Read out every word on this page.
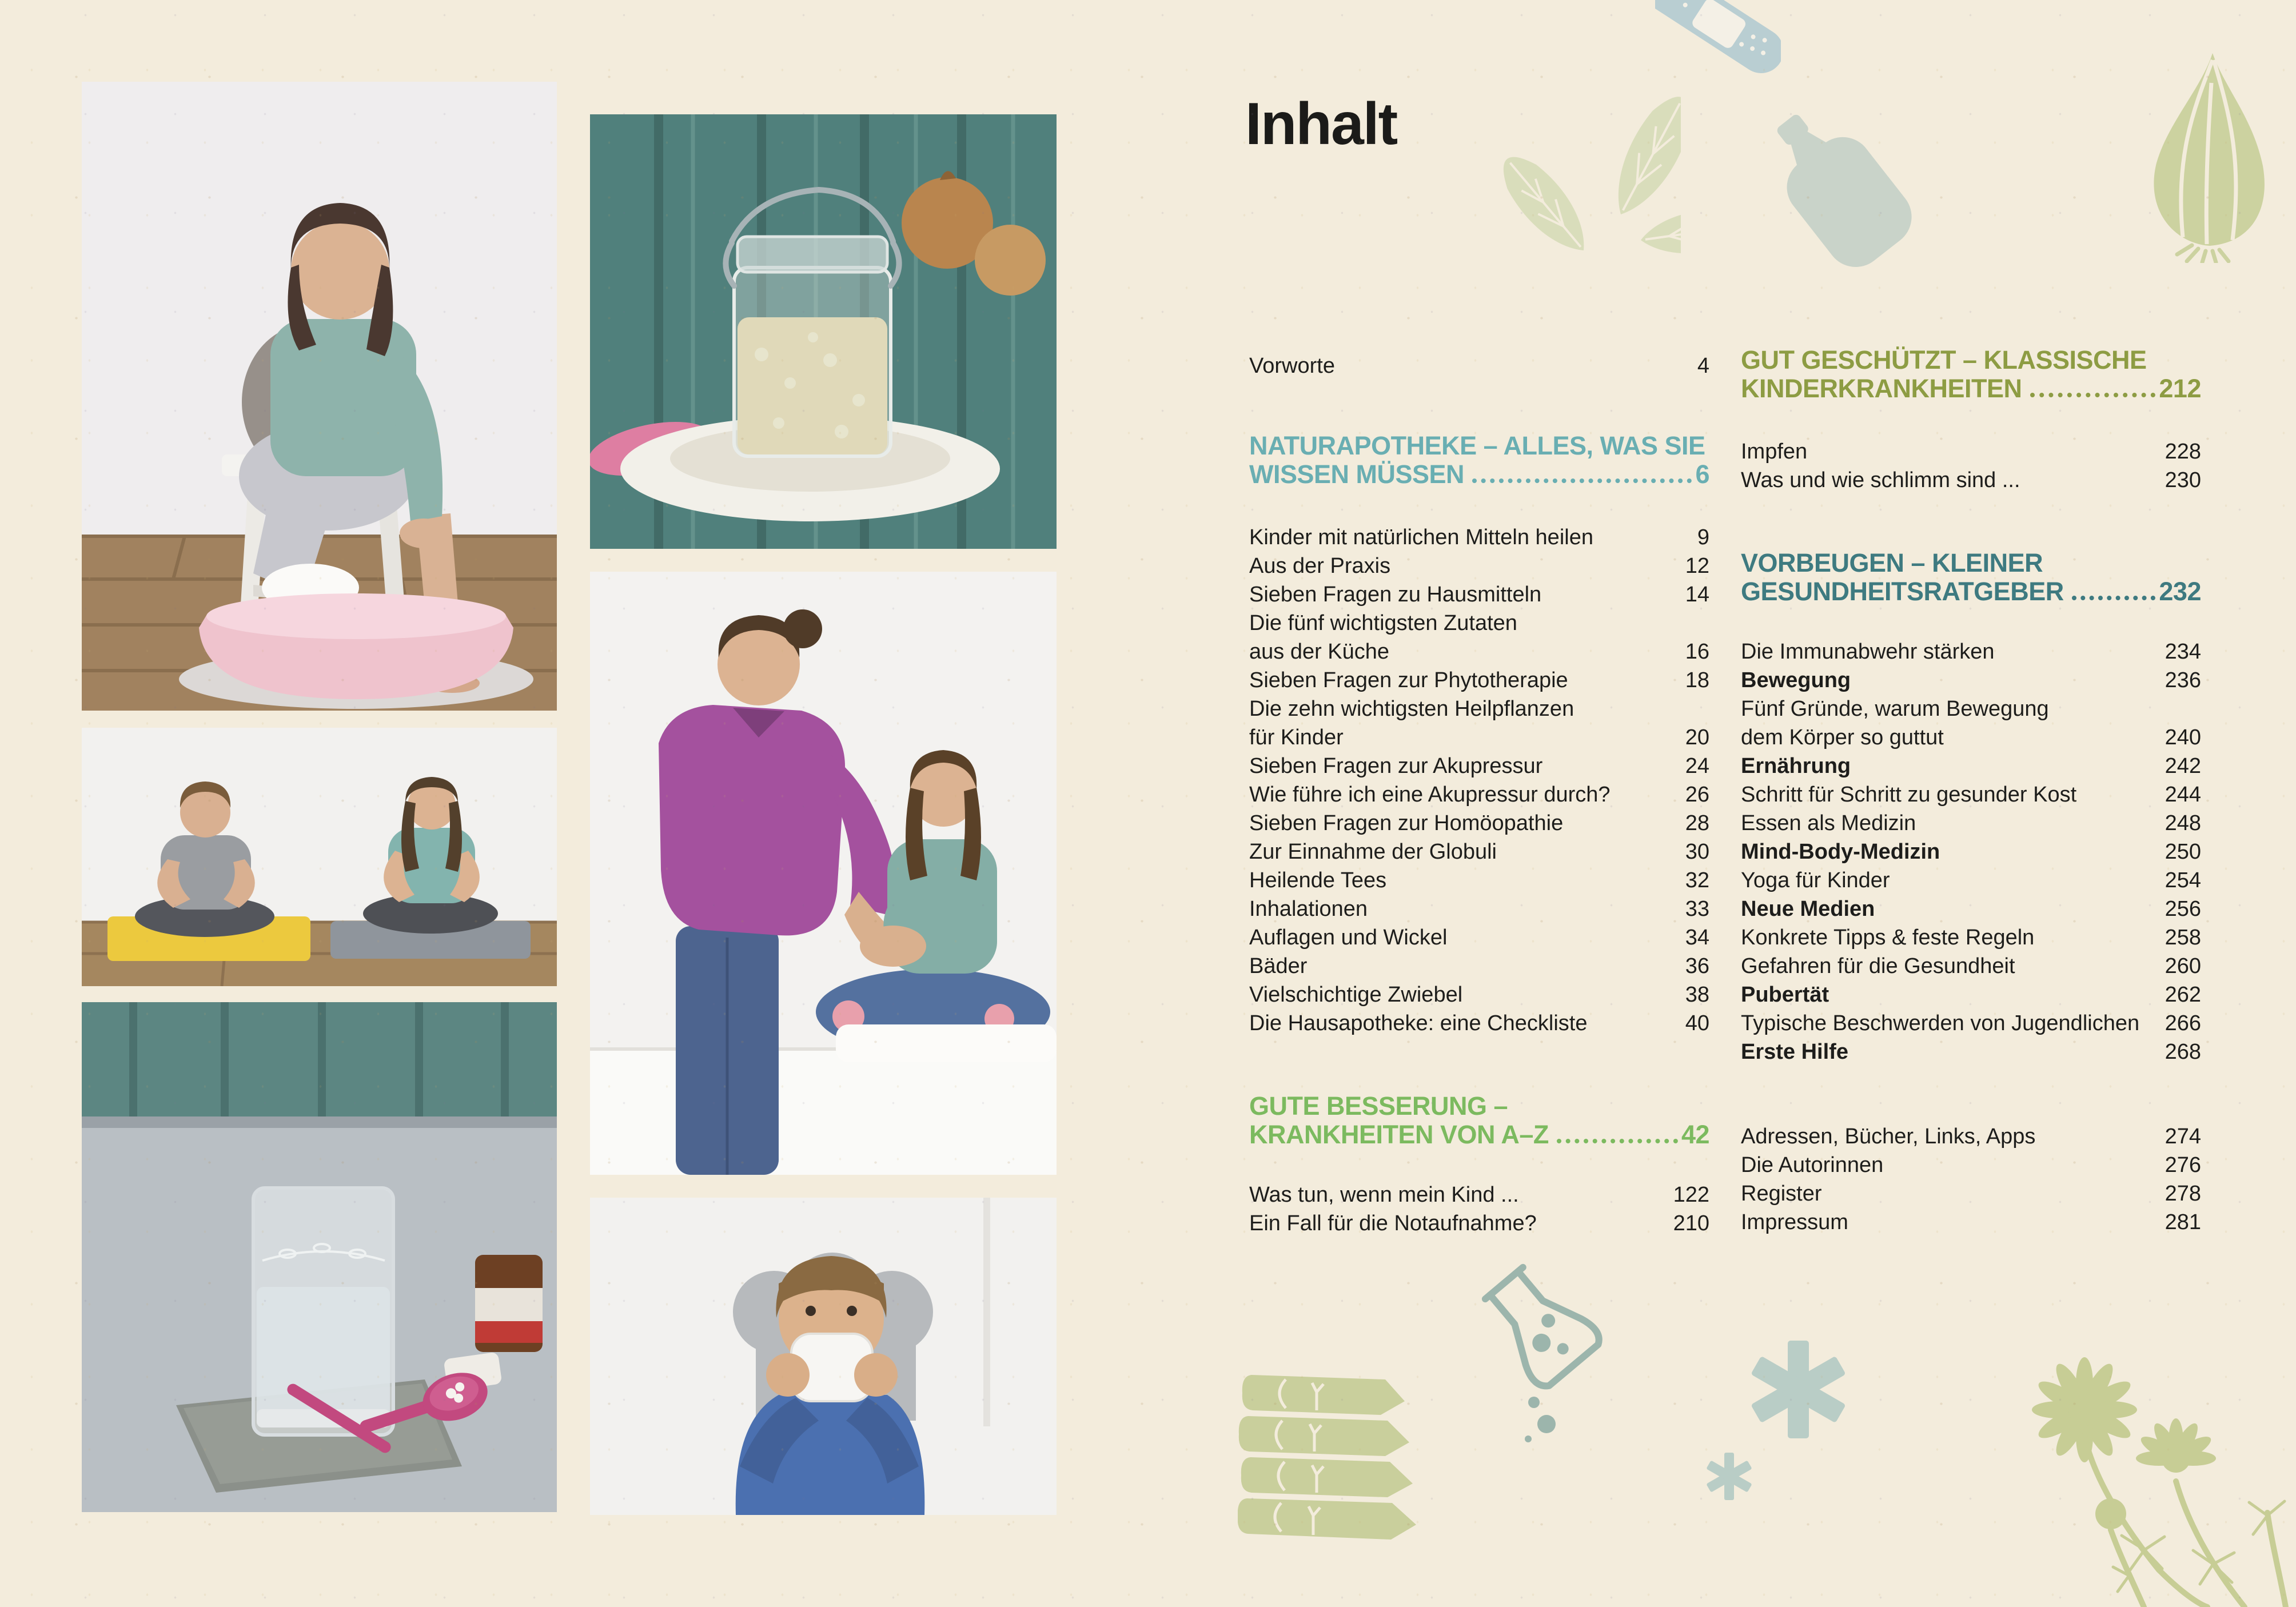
Inhalt
Vorworte	4
NATURAPOTHEKE – ALLES, WAS SIE
WISSEN MÜSSEN	6
Kinder mit natürlichen Mitteln heilen	9
Aus der Praxis	12
Sieben Fragen zu Hausmitteln	14
Die fünf wichtigsten Zutaten
aus der Küche	16
Sieben Fragen zur Phytotherapie	18
Die zehn wichtigsten Heilpflanzen
für Kinder	20
Sieben Fragen zur Akupressur	24
Wie führe ich eine Akupressur durch?	26
Sieben Fragen zur Homöopathie	28
Zur Einnahme der Globuli	30
Heilende Tees	32
Inhalationen	33
Auflagen und Wickel	34
Bäder	36
Vielschichtige Zwiebel	38
Die Hausapotheke: eine Checkliste	40
GUTE BESSERUNG –
KRANKHEITEN VON A–Z	42
Was tun, wenn mein Kind ...	122
Ein Fall für die Notaufnahme?	210
GUT GESCHÜTZT – KLASSISCHE
KINDERKRANKHEITEN	212
Impfen	228
Was und wie schlimm sind ...	230
VORBEUGEN – KLEINER
GESUNDHEITSRATGEBER	232
Die Immunabwehr stärken	234
Bewegung	236
Fünf Gründe, warum Bewegung
dem Körper so guttut	240
Ernährung	242
Schritt für Schritt zu gesunder Kost	244
Essen als Medizin	248
Mind-Body-Medizin	250
Yoga für Kinder	254
Neue Medien	256
Konkrete Tipps & feste Regeln	258
Gefahren für die Gesundheit	260
Pubertät	262
Typische Beschwerden von Jugendlichen 266
Erste Hilfe	268
Adressen, Bücher, Links, Apps	274
Die Autorinnen	276
Register	278
Impressum	281
